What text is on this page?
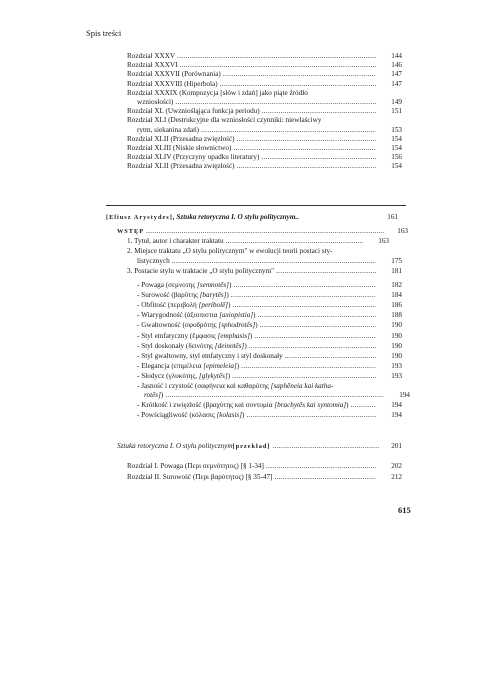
Spis treści
Rozdział XXXV .....	144
Rozdział XXXVI .....	146
Rozdział XXXVII (Porównania) .....	147
Rozdział XXXVIII (Hiperbola) .....	147
Rozdział XXXIX (Kompozycja [słów i zdań] jako piąte źródło
wzniosłości) .....	149
Rozdział XL (Uwzniośląjąca funkcja periodu) .....	151
Rozdział XLI (Destrukcyjne dla wzniosłości czynniki: niewłaściwy
rytm, siekanina zdań) .....	153
Rozdział XLII (Przesadna zwięzłość) .....	154
Rozdział XLIII (Niskie słownictwo) .....	154
Rozdział XLIV (Przyczyny upadku literatury) .....	156
Rozdział XLII (Przesadna zwięzłość) .....	154
[Eliusz Arystydes] , Sztuka retoryczna I. O stylu politycznym..	161
WSTĘP .....	163
1. Tytuł, autor i charakter traktatu .....	163
2. Miejsce traktatu „O stylu politycznym" w ewolucji teorii postaci sty-
listycznych .....	175
3. Postacie stylu w traktacie „O stylu politycznym" .....	181
- Powaga (σεμνοτης [semnotēs]) .....	182
- Surowość (βαρΰτης [barytēs]) .....	184
- Obfitość (περιβολή [peribolē]) .....	186
- Wiarygodność (ἀξιοπιστια [axiopistia]) .....	188
- Gwałtowność (σφοδρότης [sphodrotēs]) .....	190
- Styl emfatyczny (ἔμφασις [emphasis]) .....	190
- Styl doskonały (δεινότης [deinotēs]) .....	190
- Styl gwałtowny, styl emfatyczny i styl doskonały .....	190
- Elegancja (επιμέλεια [epimeleia]) .....	193
- Słodycz (γλυκύτης, [glykytēs]) .....	193
- Jasność i czystość (σαφήνεια καὶ καθαρότης [saphēneia kai katha-
rotēs]) .....	194
- Krótkość i zwięzłość (βραχύτης καὶ συντομία [brachytēs kai syntomia]) .....	194
- Powściągliwość (κόλασις [kolasis]) .....	194
Sztuka retoryczna I. O stylu politycznym [przekład] .....	201
Rozdział I. Powaga (Περι σεμνότητος) [§ 1-34] .....	202
Rozdział II. Surowość (Περι βαρύτητος) [§ 35-47] .....	212
615
